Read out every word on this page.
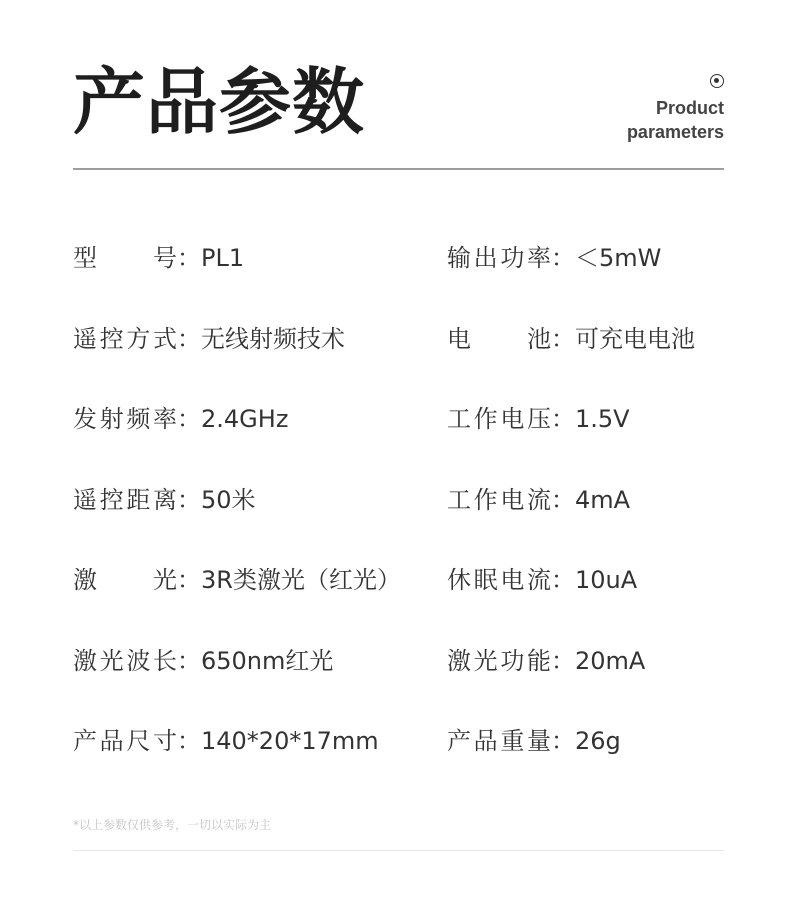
产品参数	Product
parameters
型号：PL1	输出功率：＜5mW
遥控方式：无线射频技术	电池：可充电电池
发射频率：2.4GHz	工作电压：1.5V
遥控距离：50米	工作电流：4mA
激光：3R类激光（红光） 休眠电流：10uA
激光波长：650nm红光	激光功能：20mA
产品尺寸：140*20*17mm	产品重量：26g
*以上参数仅供参考，一切以实际为主
